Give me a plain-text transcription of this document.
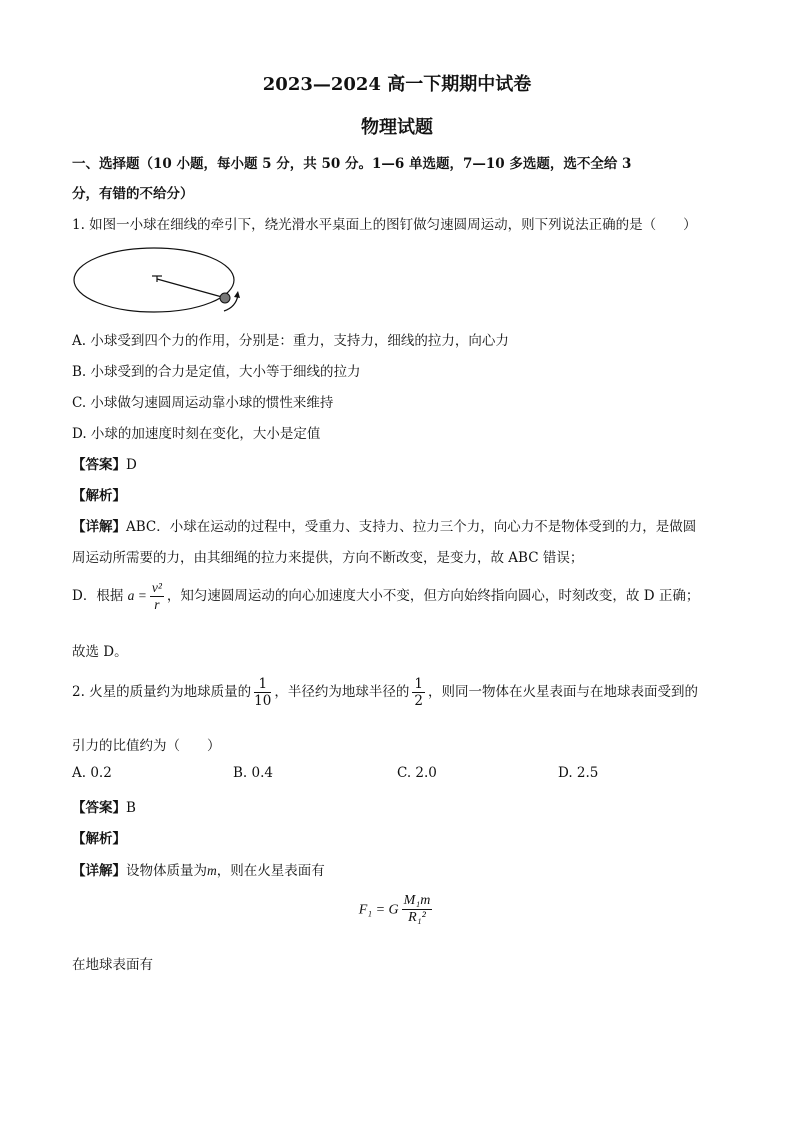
2023—2024 高一下期期中试卷
物理试题
一、选择题（10 小题，每小题 5 分，共 50 分。1—6 单选题，7—10 多选题，选不全给 3
分，有错的不给分）
1. 如图一小球在细线的牵引下，绕光滑水平桌面上的图钉做匀速圆周运动，则下列说法正确的是（　　）
A. 小球受到四个力的作用，分别是：重力，支持力，细线的拉力，向心力
B. 小球受到的合力是定值，大小等于细线的拉力
C. 小球做匀速圆周运动靠小球的惯性来维持
D. 小球的加速度时刻在变化，大小是定值
【答案】D
【解析】
【详解】ABC．小球在运动的过程中，受重力、支持力、拉力三个力，向心力不是物体受到的力，是做圆
周运动所需要的力，由其细绳的拉力来提供，方向不断改变，是变力，故 ABC 错误；
D．根据 $a = \frac{\text{v²}}{r}$ ，知匀速圆周运动的向心加速度大小不变，但方向始终指向圆心，时刻改变，故 D 正确；
故选 D。
2. 火星的质量约为地球质量的 $\frac{1}{10}$ ，半径约为地球半径的 $\frac{1}{2}$ ，则同一物体在火星表面与在地球表面受到的
引力的比值约为（　　）
A. 0.2	B. 0.4	C. 2.0	D. 2.5
【答案】B
【解析】
【详解】设物体质量为m，则在火星表面有
F₁ = G $\frac{\text{M₁m}}{\text{R₁²}}$
在地球表面有
